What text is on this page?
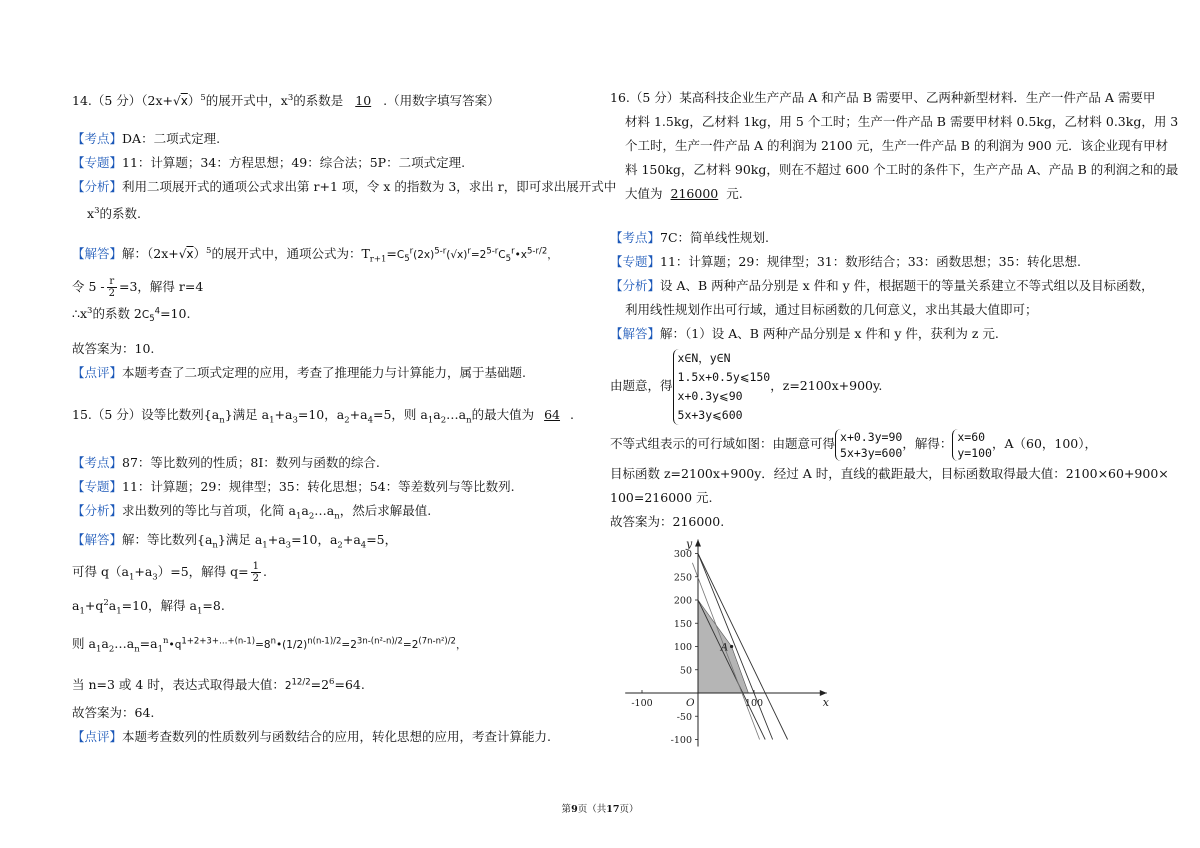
14.（5 分）$(2x+√x)^5$的展开式中，$x^3$的系数是 10 .（用数字填写答案）

【考点】DA：二项式定理.

【专题】11：计算题；34：方程思想；49：综合法；5P：二项式定理.

【分析】利用二项展开式的通项公式求出第 r+1 项，令 x 的指数为 3，求出 r，即可求出展开式中

$x^3$的系数.

【解答】解：$(2x+√x)^5$的展开式中，通项公式为：$T_{r+1}=C_5^r(2x)^{5-r}(√x)^r=2^{5-r}C_5^r•x^{5-r/2}$，

令 $5 - \frac{r}{2} =3$，解得 r=4

$\therefore x^3$的系数 $2C_5^4=10$.

故答案为：10.

【点评】本题考查了二项式定理的应用，考查了推理能力与计算能力，属于基础题.

15.（5 分）设等比数列$\{a_n\}$满足 $a_1+a_3=10$，$a_2+a_4=5$，则 $a_1a_2\dots a_n$的最大值为 64 .

【考点】87：等比数列的性质；8I：数列与函数的综合.

【专题】11：计算题；29：规律型；35：转化思想；54：等差数列与等比数列.

【分析】求出数列的等比与首项，化简 $a_1a_2\dots a_n$，然后求解最值.

【解答】解：等比数列$\{a_n\}$满足 $a_1+a_3=10$，$a_2+a_4=5$，

可得 $q(a_1+a_3)=5$，解得 $q= \frac{1}{2}$ .

$a_1+q^2a_1=10$，解得 $a_1=8$.

则 $a_1a_2\dots a_n=a_1^n•q^{1+2+3+\dots+(n-1)}=8^n•(1/2)^{n(n-1)/2}=2^{3n-(n^2-n)/2}=2^{(7n-n^2)/2}$，

当 n=3 或 4 时，表达式取得最大值：$2^{12/2}=2^6=64$.

故答案为：64.

【点评】本题考查数列的性质数列与函数结合的应用，转化思想的应用，考查计算能力.

16.（5 分）某高科技企业生产产品 A 和产品 B 需要甲、乙两种新型材料．生产一件产品 A 需要甲

材料 1.5kg，乙材料 1kg，用 5 个工时；生产一件产品 B 需要甲材料 0.5kg，乙材料 0.3kg，用 3

个工时，生产一件产品 A 的利润为 2100 元，生产一件产品 B 的利润为 900 元．该企业现有甲材

料 150kg，乙材料 90kg，则在不超过 600 个工时的条件下，生产产品 A、产品 B 的利润之和的最

大值为 216000 元.

【考点】7C：简单线性规划.

【专题】11：计算题；29：规律型；31：数形结合；33：函数思想；35：转化思想.

【分析】设 A、B 两种产品分别是 x 件和 y 件，根据题干的等量关系建立不等式组以及目标函数，

利用线性规划作出可行域，通过目标函数的几何意义，求出其最大值即可；

【解答】解：（1）设 A、B 两种产品分别是 x 件和 y 件，获利为 z 元.

由题意，得
x∈N，y∈N
1.5x+0.5y⩽150
x+0.3y⩽90
5x+3y⩽600
，z=2100x+900y.

不等式组表示的可行域如图：由题意可得 x+0.3y=90
5x+3y=600
，解得： x=60
y=100
，A（60，100），

目标函数 z=2100x+900y．经过 A 时，直线的截距最大，目标函数取得最大值：2100×60+900×

100=216000 元.

故答案为：216000.

300
250
200
150
100
50
-50
-100
-100	100	x
y
O
A
第9页（共17页）
